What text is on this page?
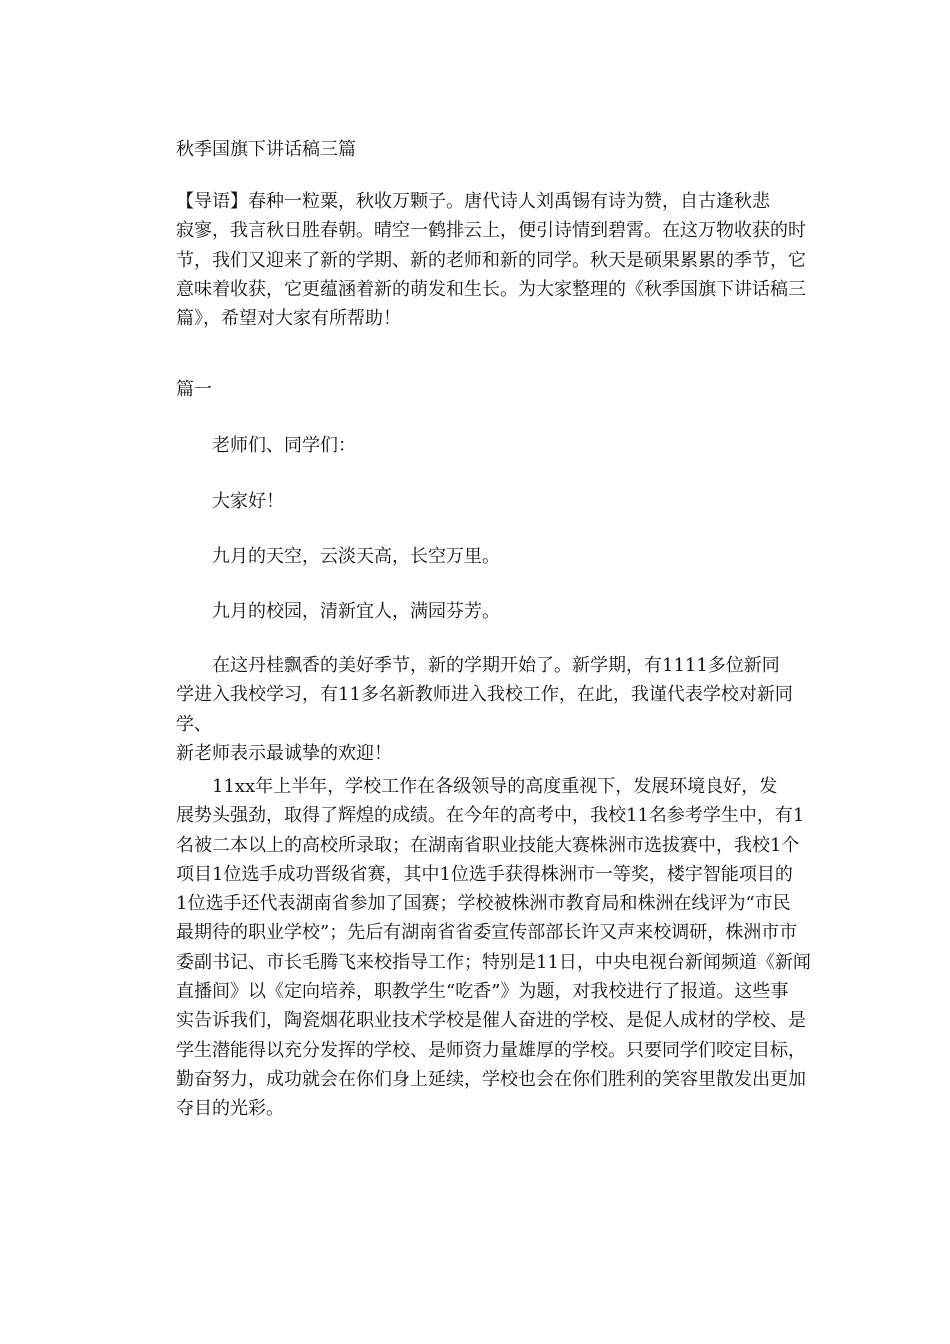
秋季国旗下讲话稿三篇
【导语】春种一粒粟，秋收万颗子。唐代诗人刘禹锡有诗为赞，自古逢秋悲
寂寥，我言秋日胜春朝。晴空一鹤排云上，便引诗情到碧霄。在这万物收获的时
节，我们又迎来了新的学期、新的老师和新的同学。秋天是硕果累累的季节，它
意味着收获，它更蕴涵着新的萌发和生长。为大家整理的《秋季国旗下讲话稿三
篇》，希望对大家有所帮助！
篇一
老师们、同学们：
大家好！
九月的天空，云淡天高，长空万里。
九月的校园，清新宜人，满园芬芳。
在这丹桂飘香的美好季节，新的学期开始了。新学期，有1111多位新同
学进入我校学习，有11多名新教师进入我校工作，在此，我谨代表学校对新同学、
新老师表示最诚挚的欢迎！
11xx年上半年，学校工作在各级领导的高度重视下，发展环境良好，发
展势头强劲，取得了辉煌的成绩。在今年的高考中，我校11名参考学生中，有1
名被二本以上的高校所录取；在湖南省职业技能大赛株洲市选拔赛中，我校1个
项目1位选手成功晋级省赛，其中1位选手获得株洲市一等奖，楼宇智能项目的
1位选手还代表湖南省参加了国赛；学校被株洲市教育局和株洲在线评为“市民
最期待的职业学校”；先后有湖南省省委宣传部部长许又声来校调研，株洲市市
委副书记、市长毛腾飞来校指导工作；特别是11日，中央电视台新闻频道《新闻
直播间》以《定向培养，职教学生“吃香”》为题，对我校进行了报道。这些事
实告诉我们，陶瓷烟花职业技术学校是催人奋进的学校、是促人成材的学校、是
学生潜能得以充分发挥的学校、是师资力量雄厚的学校。只要同学们咬定目标，
勤奋努力，成功就会在你们身上延续，学校也会在你们胜利的笑容里散发出更加
夺目的光彩。
